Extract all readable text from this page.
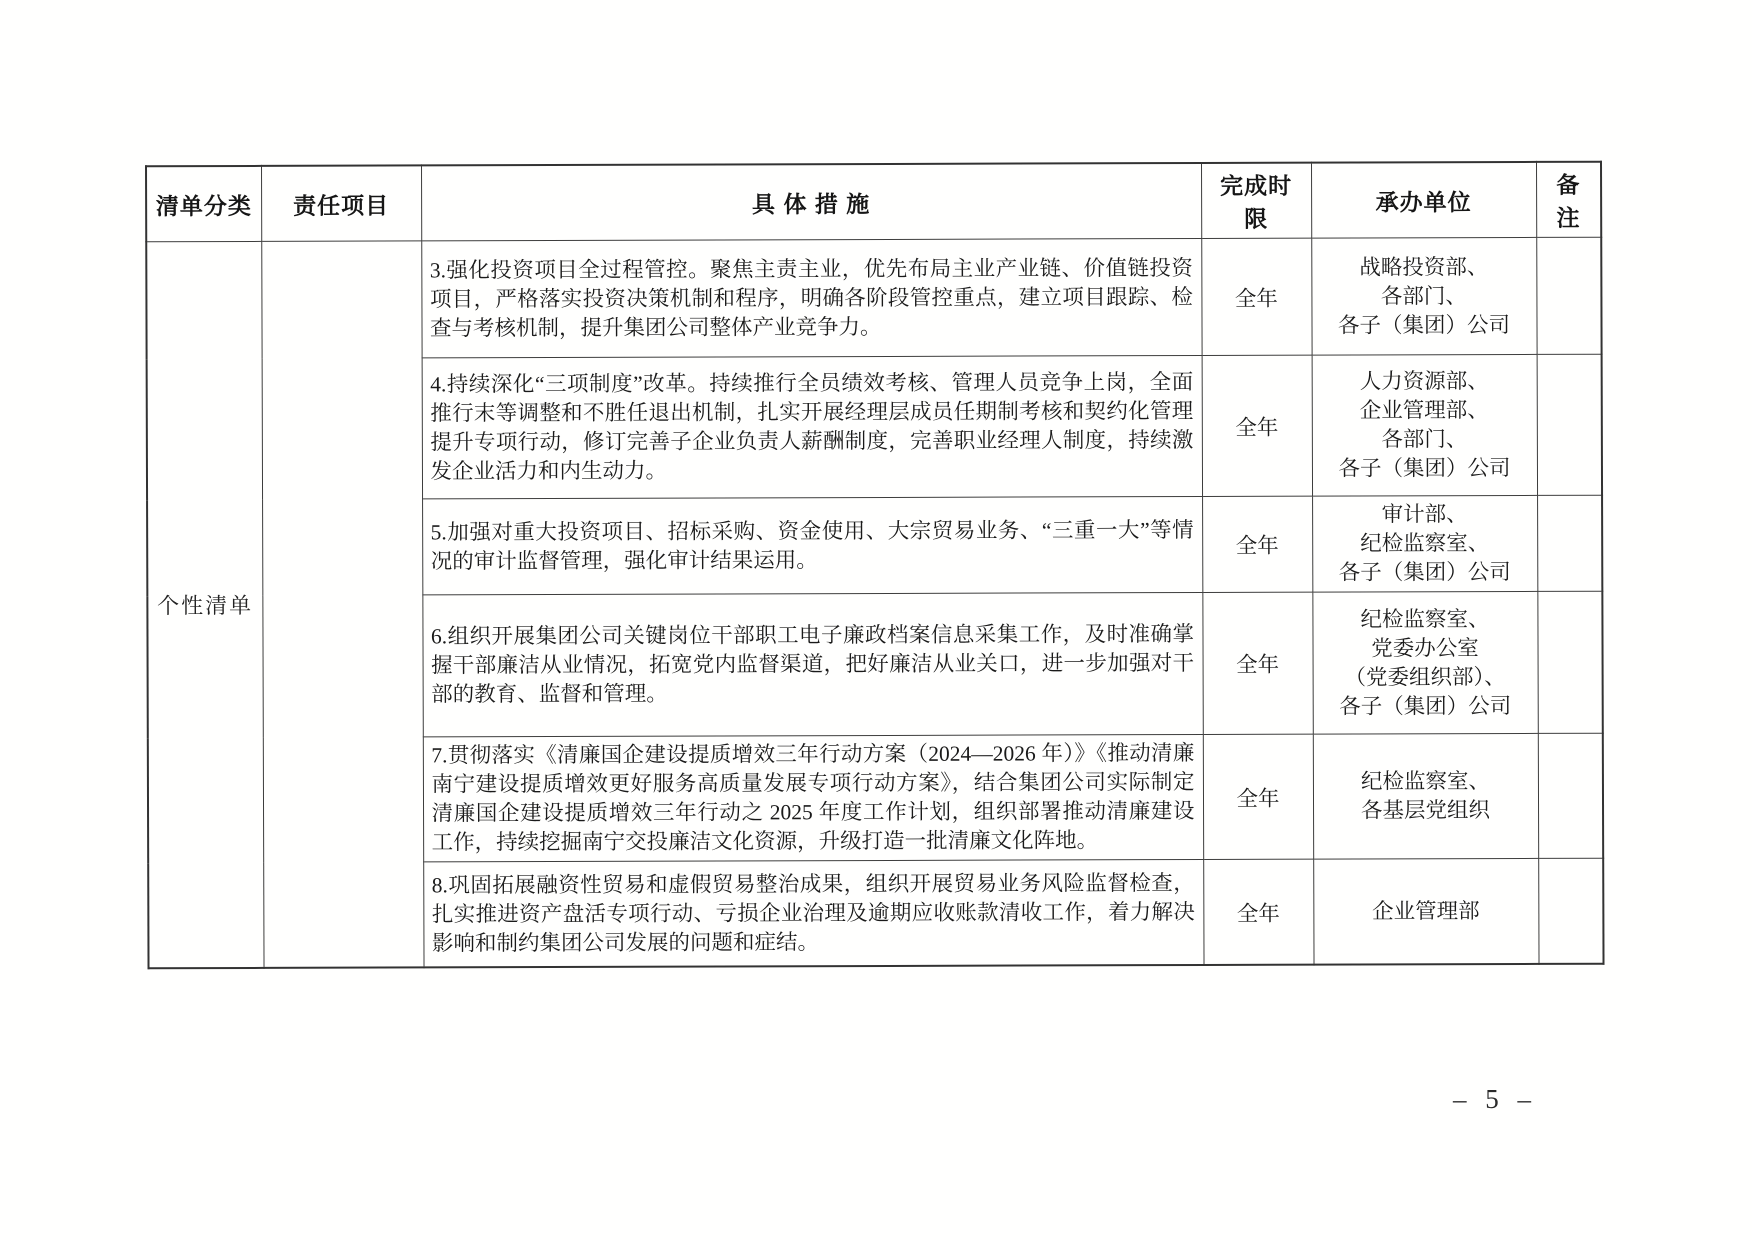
清单分类	责任项目	具 体 措 施	完成时限	承办单位	备注
个性清单		3.强化投资项目全过程管控。聚焦主责主业，优先布局主业产业链、价值链投资项目，严格落实投资决策机制和程序，明确各阶段管控重点，建立项目跟踪、检查与考核机制，提升集团公司整体产业竞争力。	全年	战略投资部、
各部门、
各子（集团）公司	
		4.持续深化“三项制度”改革。持续推行全员绩效考核、管理人员竞争上岗，全面推行末等调整和不胜任退出机制，扎实开展经理层成员任期制考核和契约化管理提升专项行动，修订完善子企业负责人薪酬制度，完善职业经理人制度，持续激发企业活力和内生动力。	全年	人力资源部、
企业管理部、
各部门、
各子（集团）公司	
		5.加强对重大投资项目、招标采购、资金使用、大宗贸易业务、“三重一大”等情况的审计监督管理，强化审计结果运用。	全年	审计部、
纪检监察室、
各子（集团）公司	
		6.组织开展集团公司关键岗位干部职工电子廉政档案信息采集工作，及时准确掌握干部廉洁从业情况，拓宽党内监督渠道，把好廉洁从业关口，进一步加强对干部的教育、监督和管理。	全年	纪检监察室、
党委办公室
（党委组织部）、
各子（集团）公司	
		7.贯彻落实《清廉国企建设提质增效三年行动方案（2024—2026 年）》《推动清廉南宁建设提质增效更好服务高质量发展专项行动方案》，结合集团公司实际制定清廉国企建设提质增效三年行动之 2025 年度工作计划，组织部署推动清廉建设工作，持续挖掘南宁交投廉洁文化资源，升级打造一批清廉文化阵地。	全年	纪检监察室、
各基层党组织	
		8.巩固拓展融资性贸易和虚假贸易整治成果，组织开展贸易业务风险监督检查，扎实推进资产盘活专项行动、亏损企业治理及逾期应收账款清收工作，着力解决影响和制约集团公司发展的问题和症结。	全年	企业管理部	
– 5 –
